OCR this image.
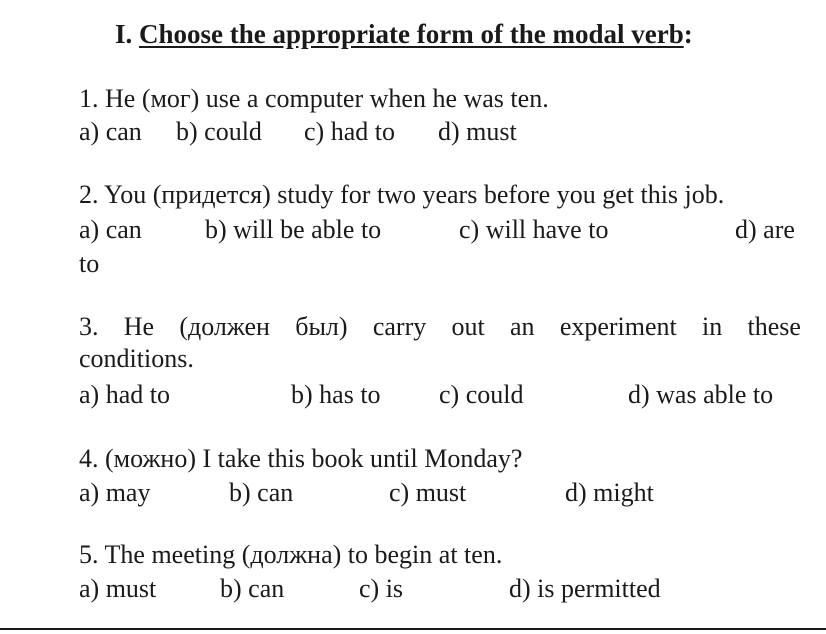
I. Choose the appropriate form of the modal verb:
1. He (мог) use a computer when he was ten.
a) can b) could c) had to d) must
2. You (придется) study for two years before you get this job.
a) can b) will be able to	c) will have to	d) are
to
3. He (должен был) carry out an experiment in these
conditions.
a) had to	b) has to c) could	d) was able to
4. (можно) I take this book until Monday?
a) may	b) can	c) must	d) might
5. The meeting (должна) to begin at ten.
a) must b) can	c) is	d) is permitted
